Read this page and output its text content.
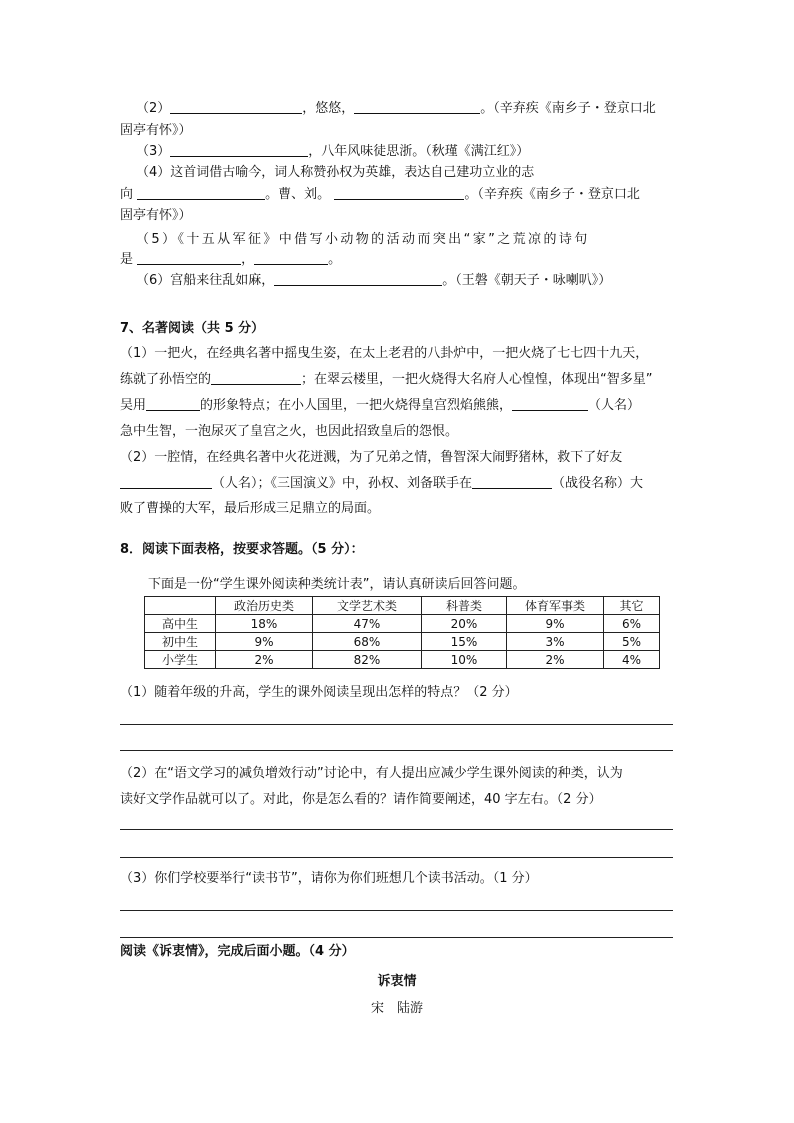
（2）	，悠悠，	。（辛弃疾《南乡子・登京口北
固亭有怀》）
（3）	，八年风味徒思浙。（秋瑾《满江红》）
（4）这首词借古喻今，词人称赞孙权为英雄，表达自己建功立业的志
向	。曹、刘。	。（辛弃疾《南乡子・登京口北
固亭有怀》）
（5）《十五从军征》中借写小动物的活动而突出“家”之荒凉的诗句
是	，	。
（6）宫船来往乱如麻，	。（王磐《朝天子・咏喇叭》）
7、名著阅读（共 5 分）
（1）一把火，在经典名著中摇曳生姿，在太上老君的八卦炉中，一把火烧了七七四十九天，
练就了孙悟空的	；在翠云楼里，一把火烧得大名府人心惶惶，体现出“智多星”
吴用	的形象特点；在小人国里，一把火烧得皇宫烈焰熊熊，	（人名）
急中生智，一泡尿灭了皇宫之火，也因此招致皇后的怨恨。
（2）一腔情，在经典名著中火花迸溅，为了兄弟之情，鲁智深大闹野猪林，救下了好友
（人名）；《三国演义》中，孙权、刘备联手在	（战役名称）大
败了曹操的大军，最后形成三足鼎立的局面。
8．阅读下面表格，按要求答题。（5 分）：
下面是一份“学生课外阅读种类统计表”，请认真研读后回答问题。
	政治历史类	文学艺术类	科普类	体育军事类	其它
高中生	18%	47%	20%	9%	6%
初中生	9%	68%	15%	3%	5%
小学生	2%	82%	10%	2%	4%
（1）随着年级的升高，学生的课外阅读呈现出怎样的特点？（2 分）
（2）在“语文学习的减负增效行动”讨论中，有人提出应减少学生课外阅读的种类，认为
读好文学作品就可以了。对此，你是怎么看的？请作简要阐述，40 字左右。（2 分）
（3）你们学校要举行“读书节”，请你为你们班想几个读书活动。（1 分）
阅读《诉衷情》，完成后面小题。（4 分）
诉衷情
宋　陆游
